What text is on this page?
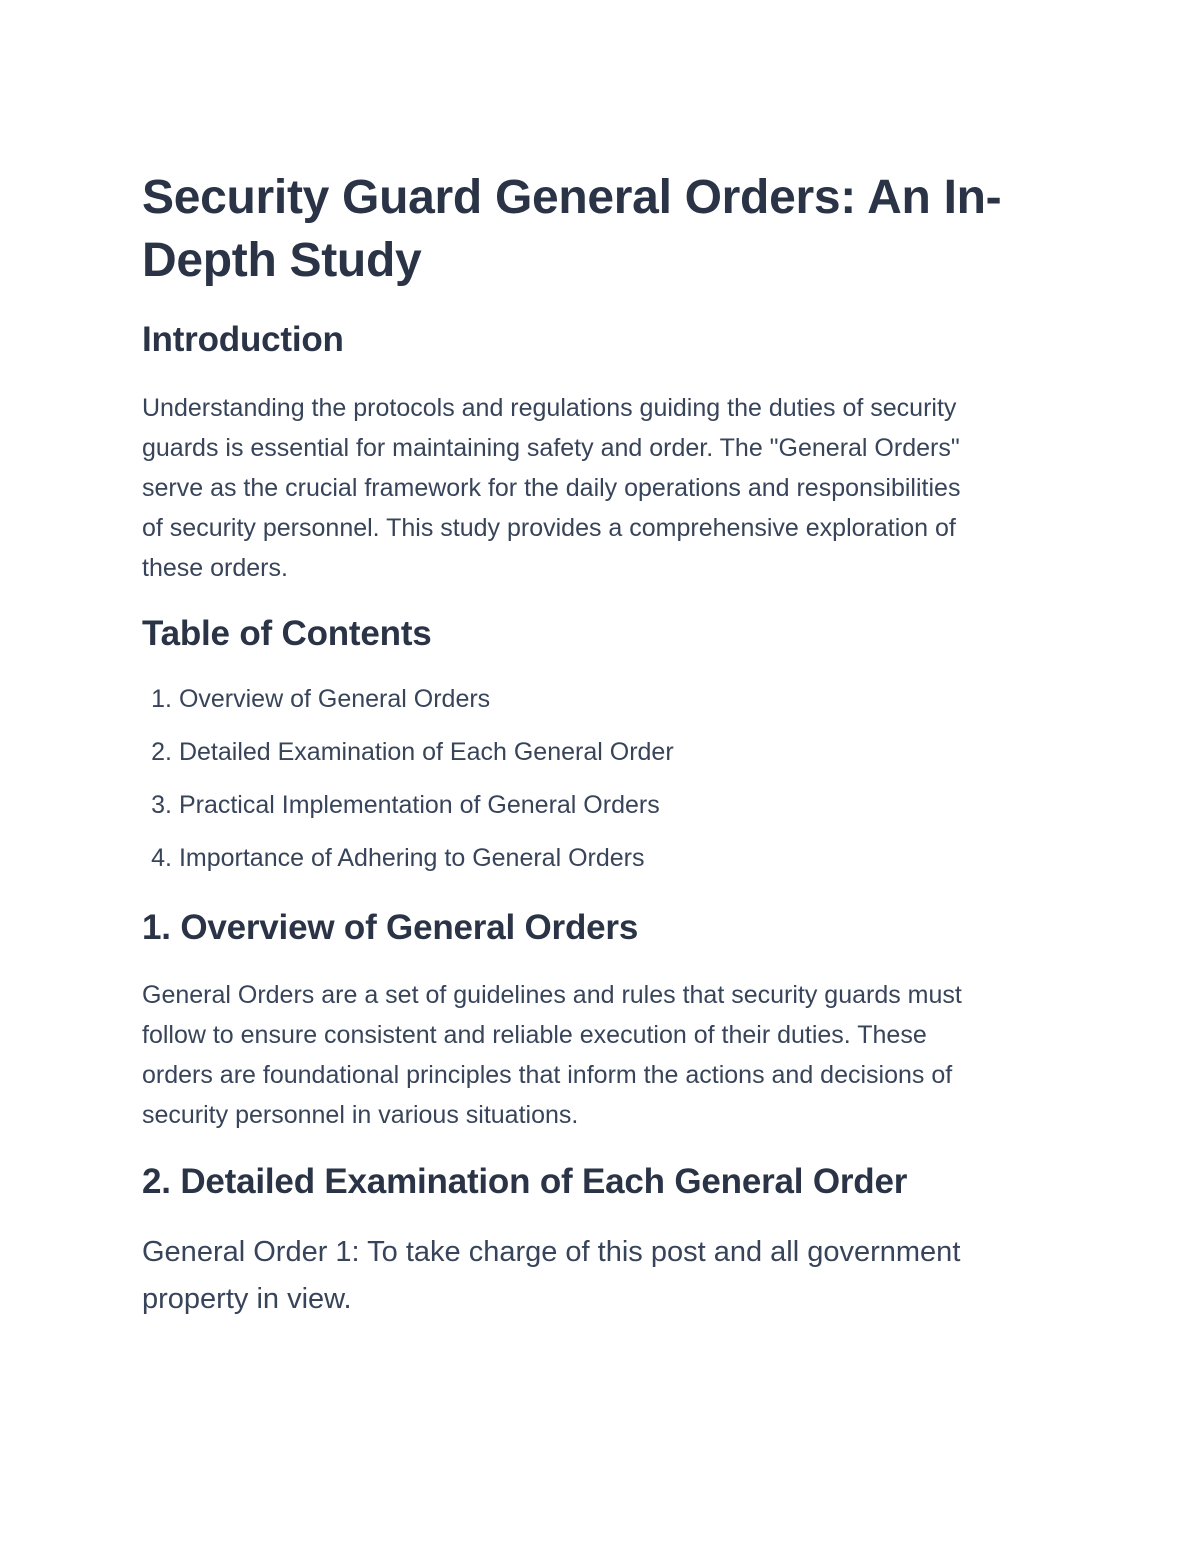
Security Guard General Orders: An In-
Depth Study
Introduction

Understanding the protocols and regulations guiding the duties of security
guards is essential for maintaining safety and order. The "General Orders"
serve as the crucial framework for the daily operations and responsibilities
of security personnel. This study provides a comprehensive exploration of
these orders.

Table of Contents
1. Overview of General Orders
2. Detailed Examination of Each General Order
3. Practical Implementation of General Orders
4. Importance of Adhering to General Orders
1. Overview of General Orders

General Orders are a set of guidelines and rules that security guards must
follow to ensure consistent and reliable execution of their duties. These
orders are foundational principles that inform the actions and decisions of
security personnel in various situations.

2. Detailed Examination of Each General Order

General Order 1: To take charge of this post and all government
property in view.
